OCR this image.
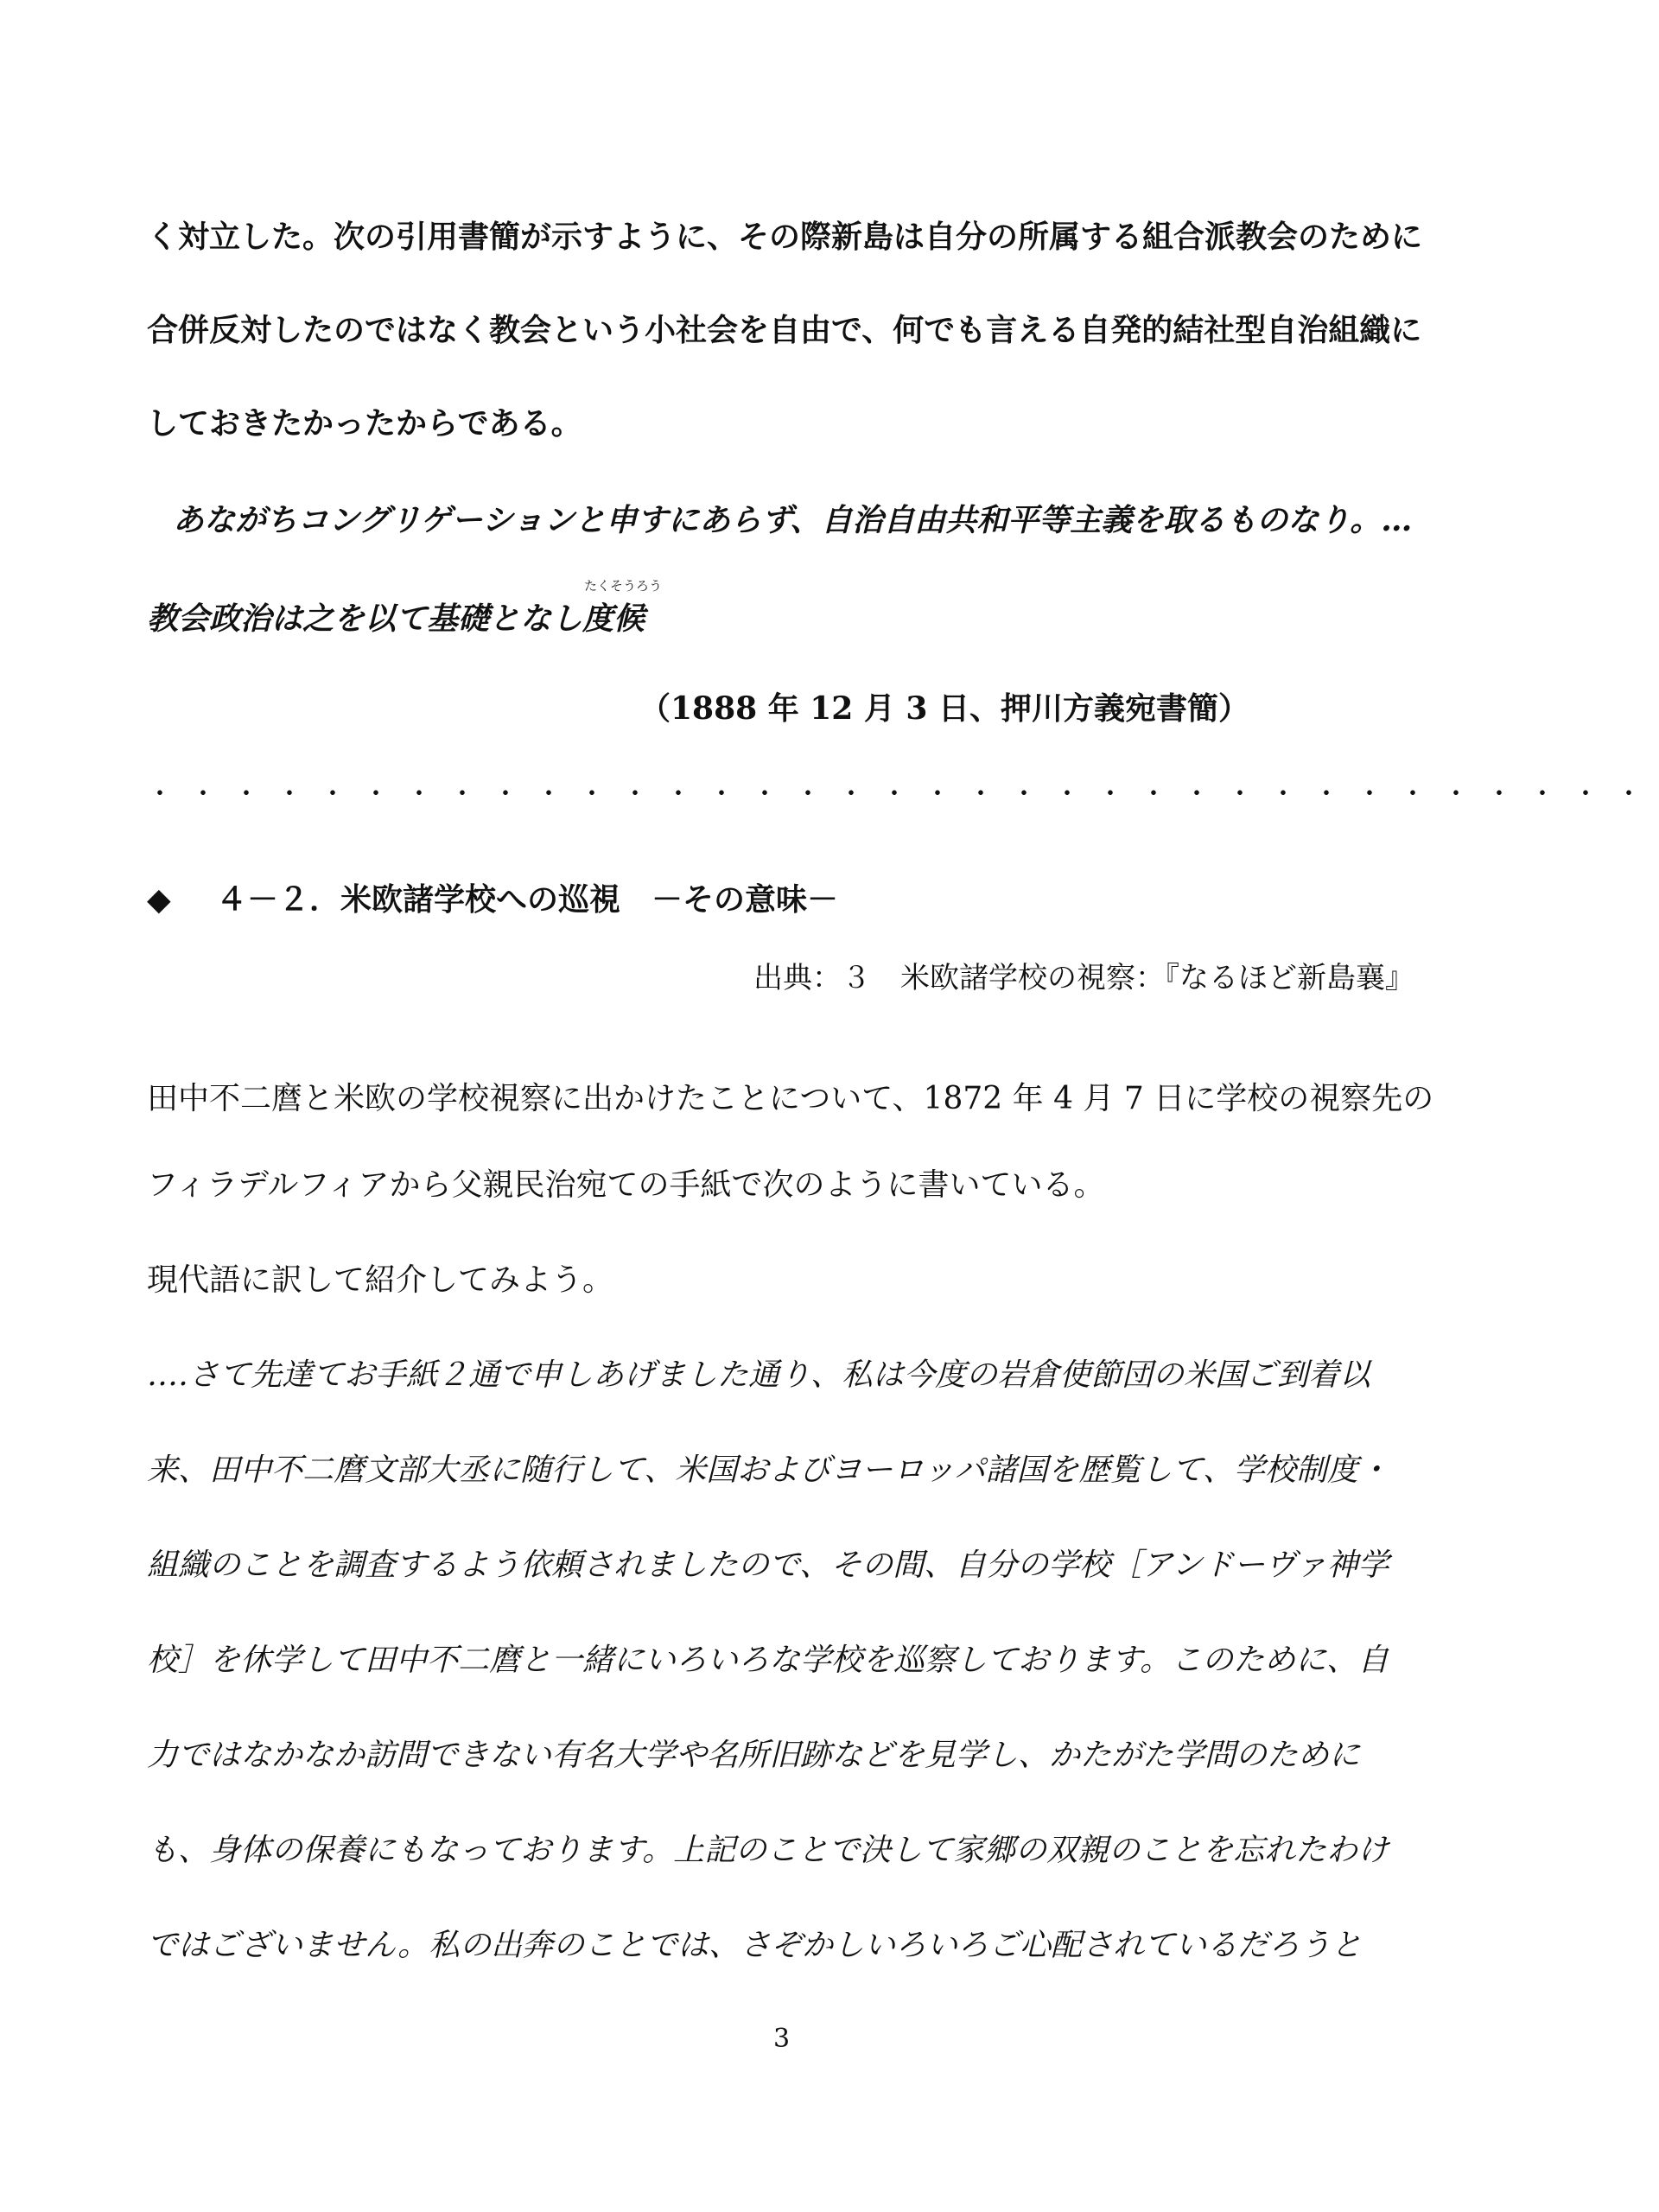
く対立した。次の引用書簡が示すように、その際新島は自分の所属する組合派教会のために
合併反対したのではなく教会という小社会を自由で、何でも言える自発的結社型自治組織に
しておきたかったからである。
あながちコングリゲーションと申すにあらず、自治自由共和平等主義を取るものなり。…
教会政治は之を以て基礎となし
たくそうろう
度候
（1888 年 12 月 3 日、押川方義宛書簡）
・・・・・・・・・・・・・・・・・・・・・・・・・・・・・・・・・・・
◆ ４－２．米欧諸学校への巡視　－その意味－
出典：３　米欧諸学校の視察：『なるほど新島襄』
田中不二麿と米欧の学校視察に出かけたことについて、1872 年 4 月 7 日に学校の視察先の
フィラデルフィアから父親民治宛ての手紙で次のように書いている。
現代語に訳して紹介してみよう。
‥‥さて先達てお手紙２通で申しあげました通り、私は今度の岩倉使節団の米国ご到着以
来、田中不二麿文部大丞に随行して、米国およびヨーロッパ諸国を歴覧して、学校制度・
組織のことを調査するよう依頼されましたので、その間、自分の学校［アンドーヴァ神学
校］を休学して田中不二麿と一緒にいろいろな学校を巡察しております。このために、自
力ではなかなか訪問できない有名大学や名所旧跡などを見学し、かたがた学問のために
も、身体の保養にもなっております。上記のことで決して家郷の双親のことを忘れたわけ
ではございません。私の出奔のことでは、さぞかしいろいろご心配されているだろうと
3
